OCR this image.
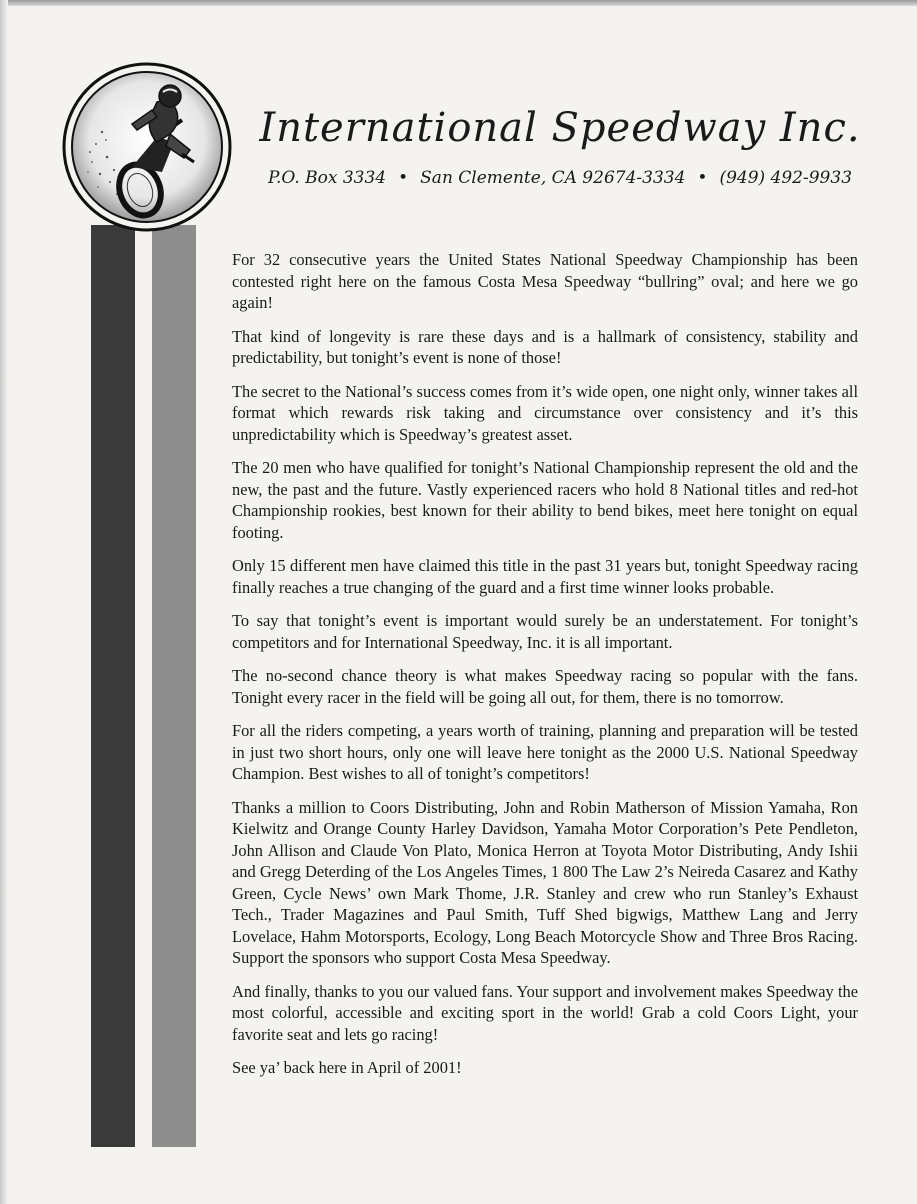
International Speedway Inc.
P.O. Box 3334 • San Clemente, CA 92674-3334 • (949) 492-9933

For 32 consecutive years the United States National Speedway Championship has been contested right here on the famous Costa Mesa Speedway “bullring” oval; and here we go again!

That kind of longevity is rare these days and is a hallmark of consistency, stability and predictability, but tonight’s event is none of those!

The secret to the National’s success comes from it’s wide open, one night only, winner takes all format which rewards risk taking and circumstance over consistency and it’s this unpredictability which is Speedway’s greatest asset.

The 20 men who have qualified for tonight’s National Championship represent the old and the new, the past and the future. Vastly experienced racers who hold 8 National titles and red-hot Championship rookies, best known for their ability to bend bikes, meet here tonight on equal footing.

Only 15 different men have claimed this title in the past 31 years but, tonight Speedway racing finally reaches a true changing of the guard and a first time winner looks probable.

To say that tonight’s event is important would surely be an understatement. For tonight’s competitors and for International Speedway, Inc. it is all important.

The no-second chance theory is what makes Speedway racing so popular with the fans. Tonight every racer in the field will be going all out, for them, there is no tomorrow.

For all the riders competing, a years worth of training, planning and preparation will be tested in just two short hours, only one will leave here tonight as the 2000 U.S. National Speedway Champion. Best wishes to all of tonight’s competitors!

Thanks a million to Coors Distributing, John and Robin Matherson of Mission Yamaha, Ron Kielwitz and Orange County Harley Davidson, Yamaha Motor Corporation’s Pete Pendleton, John Allison and Claude Von Plato, Monica Herron at Toyota Motor Distributing, Andy Ishii and Gregg Deterding of the Los Angeles Times, 1 800 The Law 2’s Neireda Casarez and Kathy Green, Cycle News’ own Mark Thome, J.R. Stanley and crew who run Stanley’s Exhaust Tech., Trader Magazines and Paul Smith, Tuff Shed bigwigs, Matthew Lang and Jerry Lovelace, Hahm Motorsports, Ecology, Long Beach Motorcycle Show and Three Bros Racing. Support the sponsors who support Costa Mesa Speedway.

And finally, thanks to you our valued fans. Your support and involvement makes Speedway the most colorful, accessible and exciting sport in the world! Grab a cold Coors Light, your favorite seat and lets go racing!

See ya’ back here in April of 2001!
